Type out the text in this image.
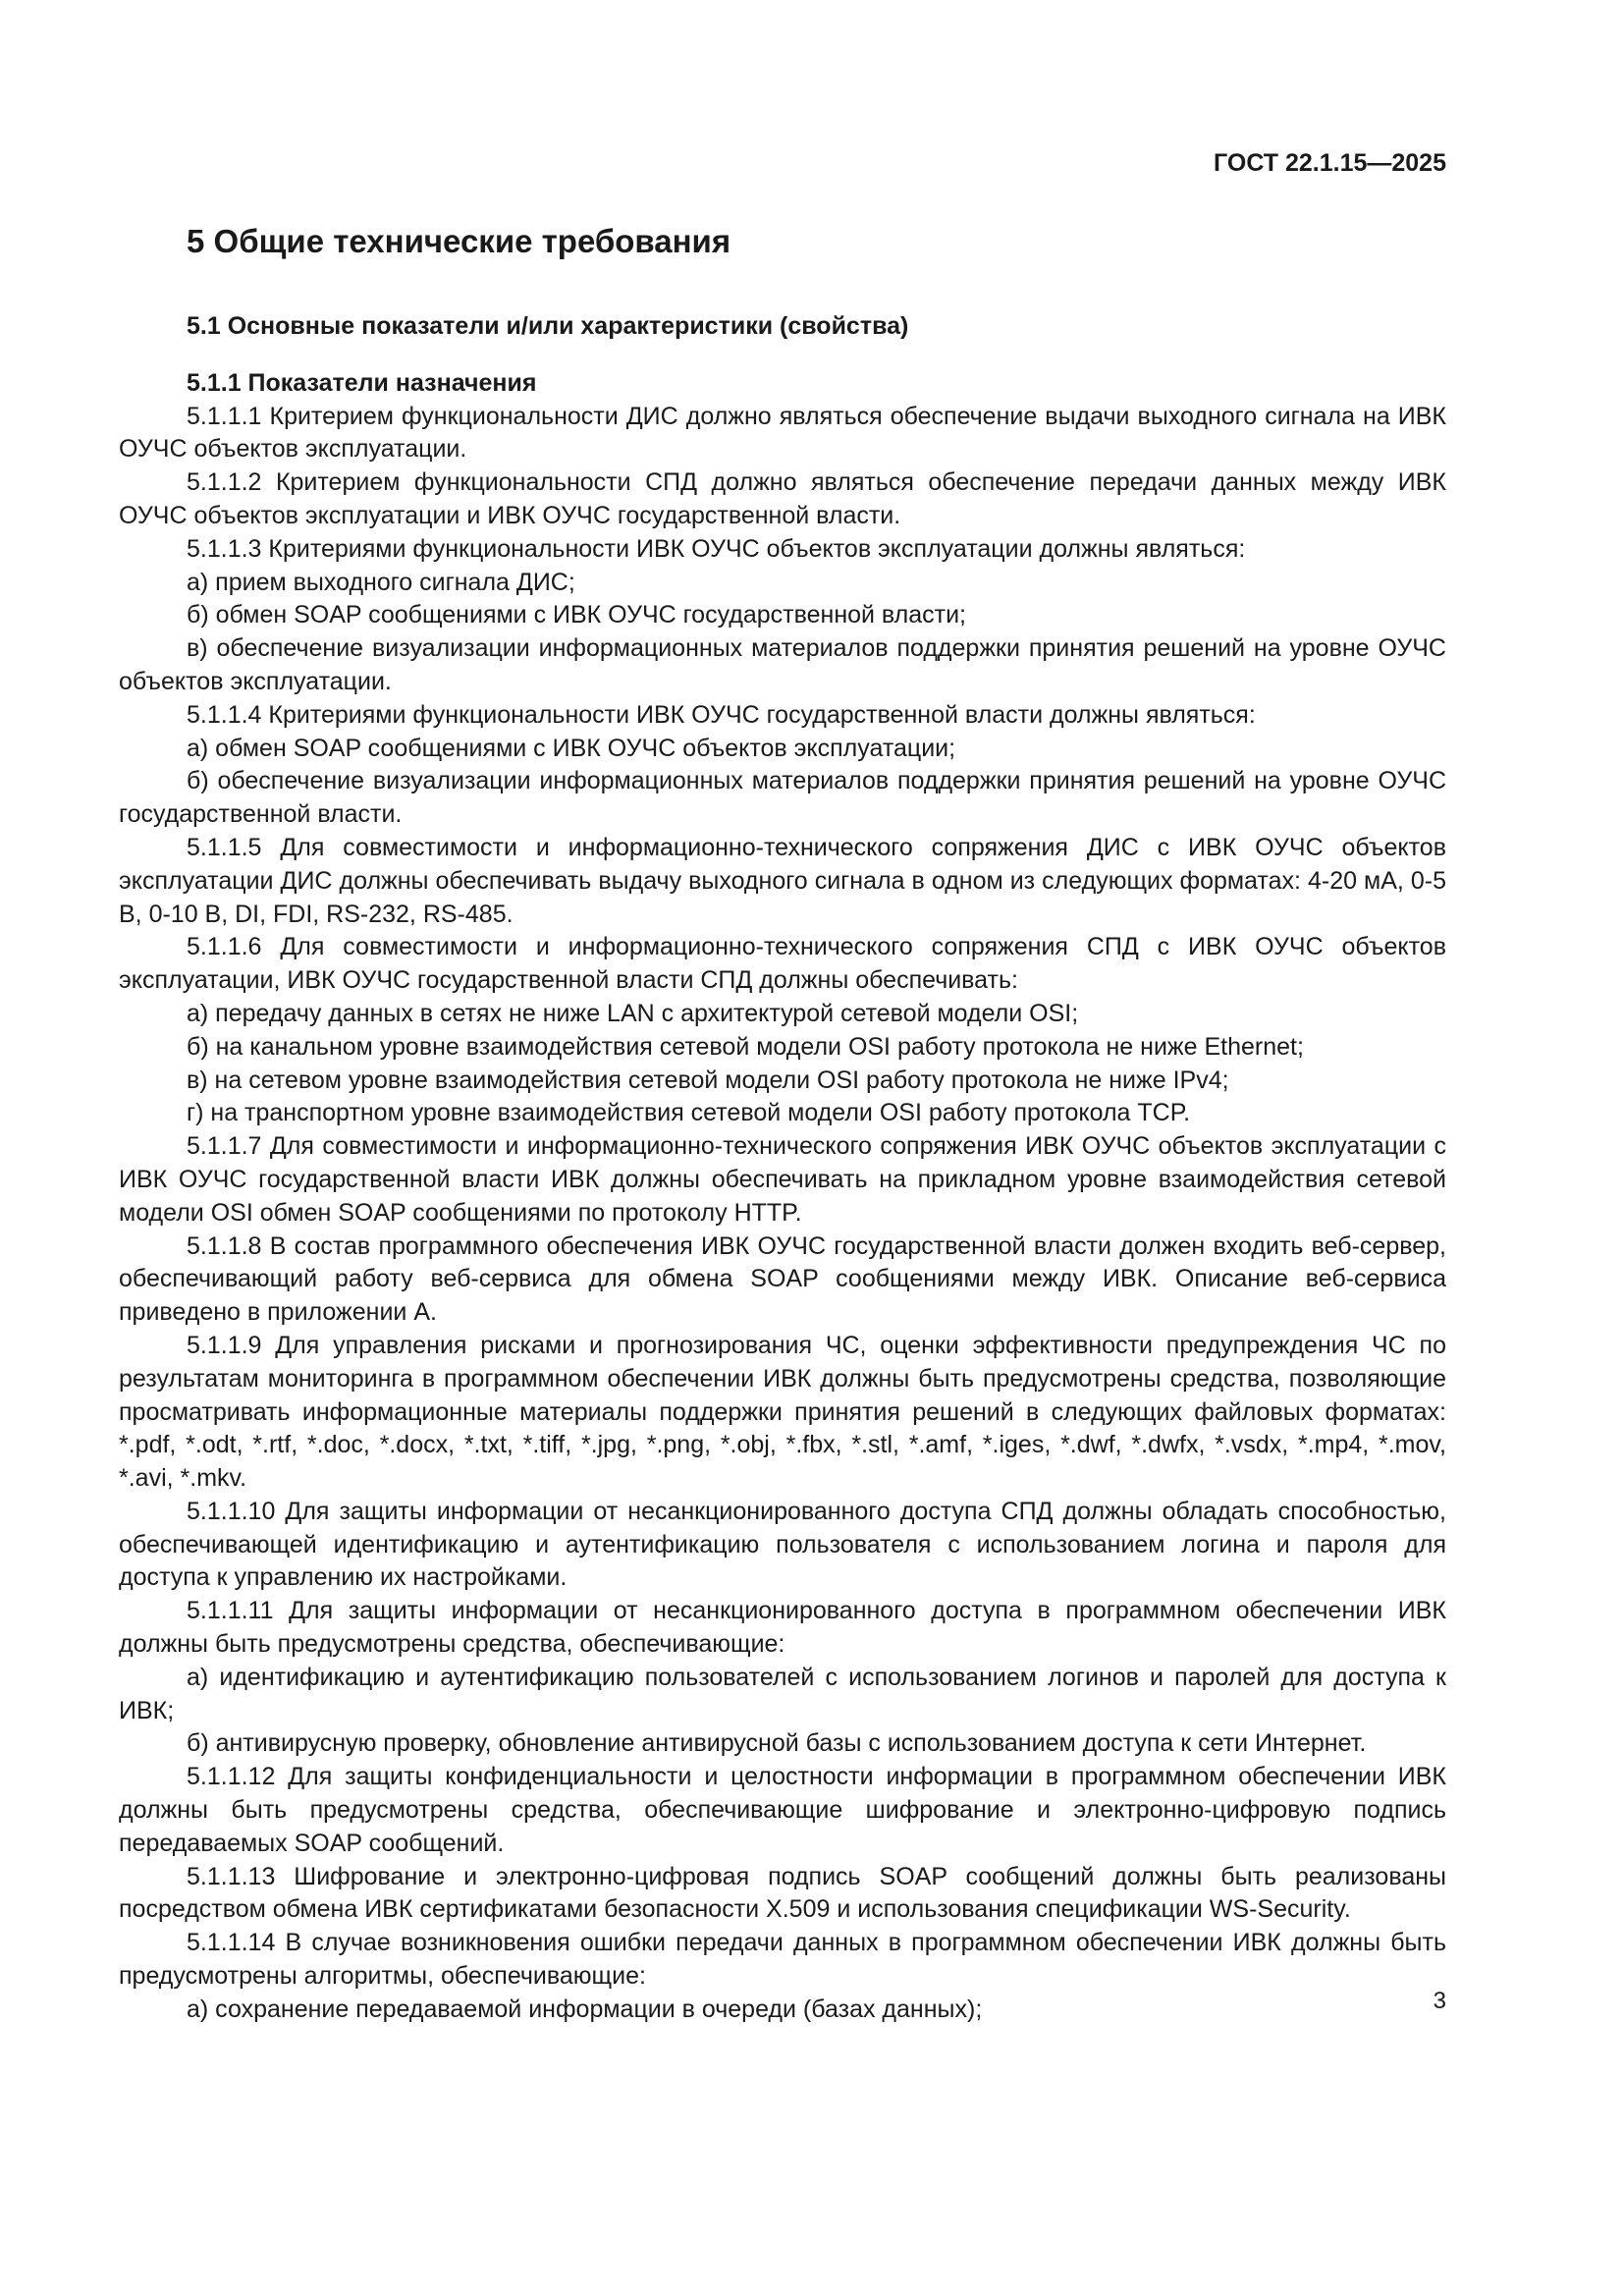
ГОСТ 22.1.15—2025
5 Общие технические требования
5.1 Основные показатели и/или характеристики (свойства)
5.1.1 Показатели назначения

5.1.1.1 Критерием функциональности ДИС должно являться обеспечение выдачи выходного сигнала на ИВК ОУЧС объектов эксплуатации.

5.1.1.2 Критерием функциональности СПД должно являться обеспечение передачи данных между ИВК ОУЧС объектов эксплуатации и ИВК ОУЧС государственной власти.

5.1.1.3 Критериями функциональности ИВК ОУЧС объектов эксплуатации должны являться:

а) прием выходного сигнала ДИС;

б) обмен SOAP сообщениями с ИВК ОУЧС государственной власти;

в) обеспечение визуализации информационных материалов поддержки принятия решений на уровне ОУЧС объектов эксплуатации.

5.1.1.4 Критериями функциональности ИВК ОУЧС государственной власти должны являться:

а) обмен SOAP сообщениями с ИВК ОУЧС объектов эксплуатации;

б) обеспечение визуализации информационных материалов поддержки принятия решений на уровне ОУЧС государственной власти.

5.1.1.5 Для совместимости и информационно-технического сопряжения ДИС с ИВК ОУЧС объектов эксплуатации ДИС должны обеспечивать выдачу выходного сигнала в одном из следующих форматах: 4-20 мА, 0-5 В, 0-10 В, DI, FDI, RS-232, RS-485.

5.1.1.6 Для совместимости и информационно-технического сопряжения СПД с ИВК ОУЧС объектов эксплуатации, ИВК ОУЧС государственной власти СПД должны обеспечивать:

а) передачу данных в сетях не ниже LAN с архитектурой сетевой модели OSI;

б) на канальном уровне взаимодействия сетевой модели OSI работу протокола не ниже Ethernet;

в) на сетевом уровне взаимодействия сетевой модели OSI работу протокола не ниже IPv4;

г) на транспортном уровне взаимодействия сетевой модели OSI работу протокола TCP.

5.1.1.7 Для совместимости и информационно-технического сопряжения ИВК ОУЧС объектов эксплуатации с ИВК ОУЧС государственной власти ИВК должны обеспечивать на прикладном уровне взаимодействия сетевой модели OSI обмен SOAP сообщениями по протоколу HTTP.

5.1.1.8 В состав программного обеспечения ИВК ОУЧС государственной власти должен входить веб-сервер, обеспечивающий работу веб-сервиса для обмена SOAP сообщениями между ИВК. Описание веб-сервиса приведено в приложении А.

5.1.1.9 Для управления рисками и прогнозирования ЧС, оценки эффективности предупреждения ЧС по результатам мониторинга в программном обеспечении ИВК должны быть предусмотрены средства, позволяющие просматривать информационные материалы поддержки принятия решений в следующих файловых форматах: *.pdf, *.odt, *.rtf, *.doc, *.docx, *.txt, *.tiff, *.jpg, *.png, *.obj, *.fbx, *.stl, *.amf, *.iges, *.dwf, *.dwfx, *.vsdx, *.mp4, *.mov, *.avi, *.mkv.

5.1.1.10 Для защиты информации от несанкционированного доступа СПД должны обладать способностью, обеспечивающей идентификацию и аутентификацию пользователя с использованием логина и пароля для доступа к управлению их настройками.

5.1.1.11 Для защиты информации от несанкционированного доступа в программном обеспечении ИВК должны быть предусмотрены средства, обеспечивающие:

а) идентификацию и аутентификацию пользователей с использованием логинов и паролей для доступа к ИВК;

б) антивирусную проверку, обновление антивирусной базы с использованием доступа к сети Интернет.

5.1.1.12 Для защиты конфиденциальности и целостности информации в программном обеспечении ИВК должны быть предусмотрены средства, обеспечивающие шифрование и электронно-цифровую подпись передаваемых SOAP сообщений.

5.1.1.13 Шифрование и электронно-цифровая подпись SOAP сообщений должны быть реализованы посредством обмена ИВК сертификатами безопасности X.509 и использования спецификации WS-Security.

5.1.1.14 В случае возникновения ошибки передачи данных в программном обеспечении ИВК должны быть предусмотрены алгоритмы, обеспечивающие:

а) сохранение передаваемой информации в очереди (базах данных);	3
